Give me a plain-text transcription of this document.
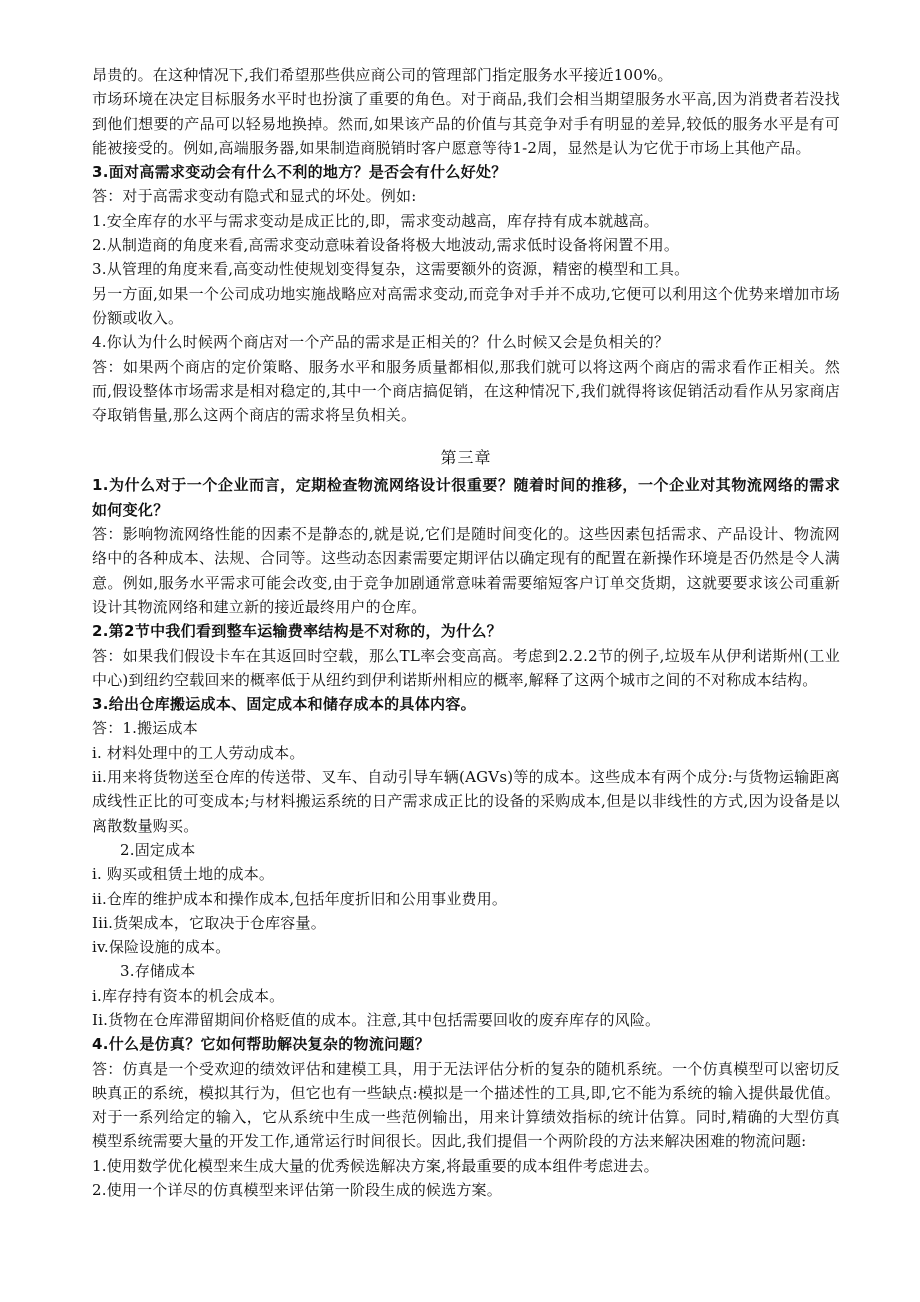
昂贵的。在这种情况下,我们希望那些供应商公司的管理部门指定服务水平接近100%。

市场环境在决定目标服务水平时也扮演了重要的角色。对于商品,我们会相当期望服务水平高,因为消费者若没找到他们想要的产品可以轻易地换掉。然而,如果该产品的价值与其竞争对手有明显的差异,较低的服务水平是有可能被接受的。例如,高端服务器,如果制造商脱销时客户愿意等待1-2周，显然是认为它优于市场上其他产品。

3.面对高需求变动会有什么不利的地方？是否会有什么好处？

答：对于高需求变动有隐式和显式的坏处。例如:

1.安全库存的水平与需求变动是成正比的,即，需求变动越高，库存持有成本就越高。

2.从制造商的角度来看,高需求变动意味着设备将极大地波动,需求低时设备将闲置不用。

3.从管理的角度来看,高变动性使规划变得复杂，这需要额外的资源，精密的模型和工具。

另一方面,如果一个公司成功地实施战略应对高需求变动,而竞争对手并不成功,它便可以利用这个优势来增加市场份额或收入。

4.你认为什么时候两个商店对一个产品的需求是正相关的？什么时候又会是负相关的？

答：如果两个商店的定价策略、服务水平和服务质量都相似,那我们就可以将这两个商店的需求看作正相关。然而,假设整体市场需求是相对稳定的,其中一个商店搞促销，在这种情况下,我们就得将该促销活动看作从另家商店夺取销售量,那么这两个商店的需求将呈负相关。

第三章

1.为什么对于一个企业而言，定期检查物流网络设计很重要？随着时间的推移，一个企业对其物流网络的需求如何变化？

答：影响物流网络性能的因素不是静态的,就是说,它们是随时间变化的。这些因素包括需求、产品设计、物流网络中的各种成本、法规、合同等。这些动态因素需要定期评估以确定现有的配置在新操作环境是否仍然是令人满意。例如,服务水平需求可能会改变,由于竞争加剧通常意味着需要缩短客户订单交货期，这就要要求该公司重新设计其物流网络和建立新的接近最终用户的仓库。

2.第2节中我们看到整车运输费率结构是不对称的，为什么？

答：如果我们假设卡车在其返回时空载，那么TL率会变高高。考虑到2.2.2节的例子,垃圾车从伊利诺斯州(工业中心)到纽约空载回来的概率低于从纽约到伊利诺斯州相应的概率,解释了这两个城市之间的不对称成本结构。

3.给出仓库搬运成本、固定成本和储存成本的具体内容。

答：1.搬运成本

i. 材料处理中的工人劳动成本。

ii.用来将货物送至仓库的传送带、叉车、自动引导车辆(AGVs)等的成本。这些成本有两个成分:与货物运输距离成线性正比的可变成本;与材料搬运系统的日产需求成正比的设备的采购成本,但是以非线性的方式,因为设备是以离散数量购买。

2.固定成本

i. 购买或租赁土地的成本。

ii.仓库的维护成本和操作成本,包括年度折旧和公用事业费用。

Iii.货架成本，它取决于仓库容量。

iv.保险设施的成本。

3.存储成本

i.库存持有资本的机会成本。

Ii.货物在仓库滞留期间价格贬值的成本。注意,其中包括需要回收的废弃库存的风险。

4.什么是仿真？它如何帮助解决复杂的物流问题？

答：仿真是一个受欢迎的绩效评估和建模工具，用于无法评估分析的复杂的随机系统。一个仿真模型可以密切反映真正的系统，模拟其行为，但它也有一些缺点:模拟是一个描述性的工具,即,它不能为系统的输入提供最优值。对于一系列给定的输入，它从系统中生成一些范例输出，用来计算绩效指标的统计估算。同时,精确的大型仿真模型系统需要大量的开发工作,通常运行时间很长。因此,我们提倡一个两阶段的方法来解决困难的物流问题:

1.使用数学优化模型来生成大量的优秀候选解决方案,将最重要的成本组件考虑进去。

2.使用一个详尽的仿真模型来评估第一阶段生成的候选方案。
